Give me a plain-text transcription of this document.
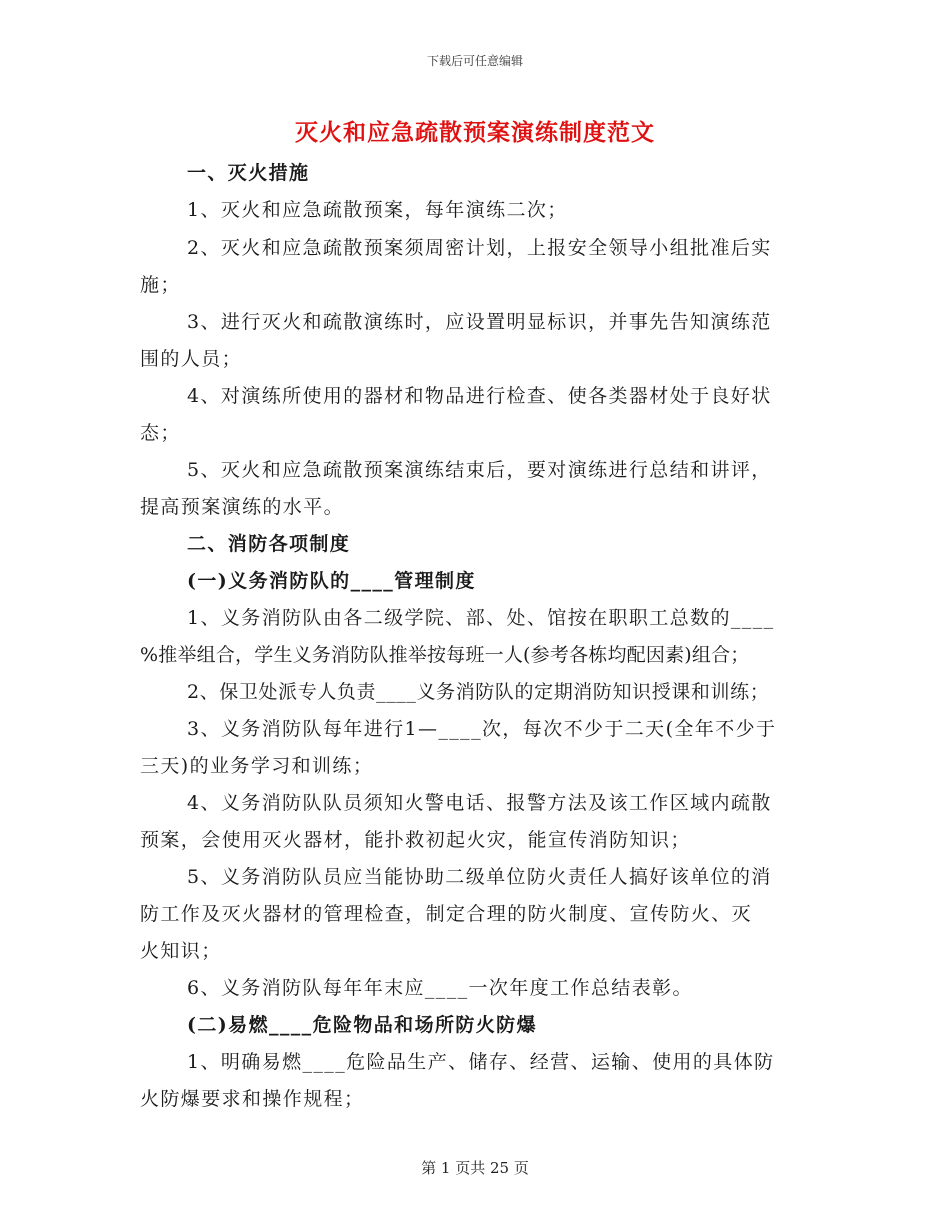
下载后可任意编辑
灭火和应急疏散预案演练制度范文
一、灭火措施
1、灭火和应急疏散预案，每年演练二次；
2、灭火和应急疏散预案须周密计划，上报安全领导小组批准后实
施；
3、进行灭火和疏散演练时，应设置明显标识，并事先告知演练范
围的人员；
4、对演练所使用的器材和物品进行检查、使各类器材处于良好状
态；
5、灭火和应急疏散预案演练结束后，要对演练进行总结和讲评，
提高预案演练的水平。
二、消防各项制度
(一)义务消防队的____管理制度
1、义务消防队由各二级学院、部、处、馆按在职职工总数的____
%推举组合，学生义务消防队推举按每班一人(参考各栋均配因素)组合；
2、保卫处派专人负责____义务消防队的定期消防知识授课和训练；
3、义务消防队每年进行1—____次，每次不少于二天(全年不少于
三天)的业务学习和训练；
4、义务消防队队员须知火警电话、报警方法及该工作区域内疏散
预案，会使用灭火器材，能扑救初起火灾，能宣传消防知识；
5、义务消防队员应当能协助二级单位防火责任人搞好该单位的消
防工作及灭火器材的管理检查，制定合理的防火制度、宣传防火、灭
火知识；
6、义务消防队每年年末应____一次年度工作总结表彰。
(二)易燃____危险物品和场所防火防爆
1、明确易燃____危险品生产、储存、经营、运输、使用的具体防
火防爆要求和操作规程；
第 1 页共 25 页
